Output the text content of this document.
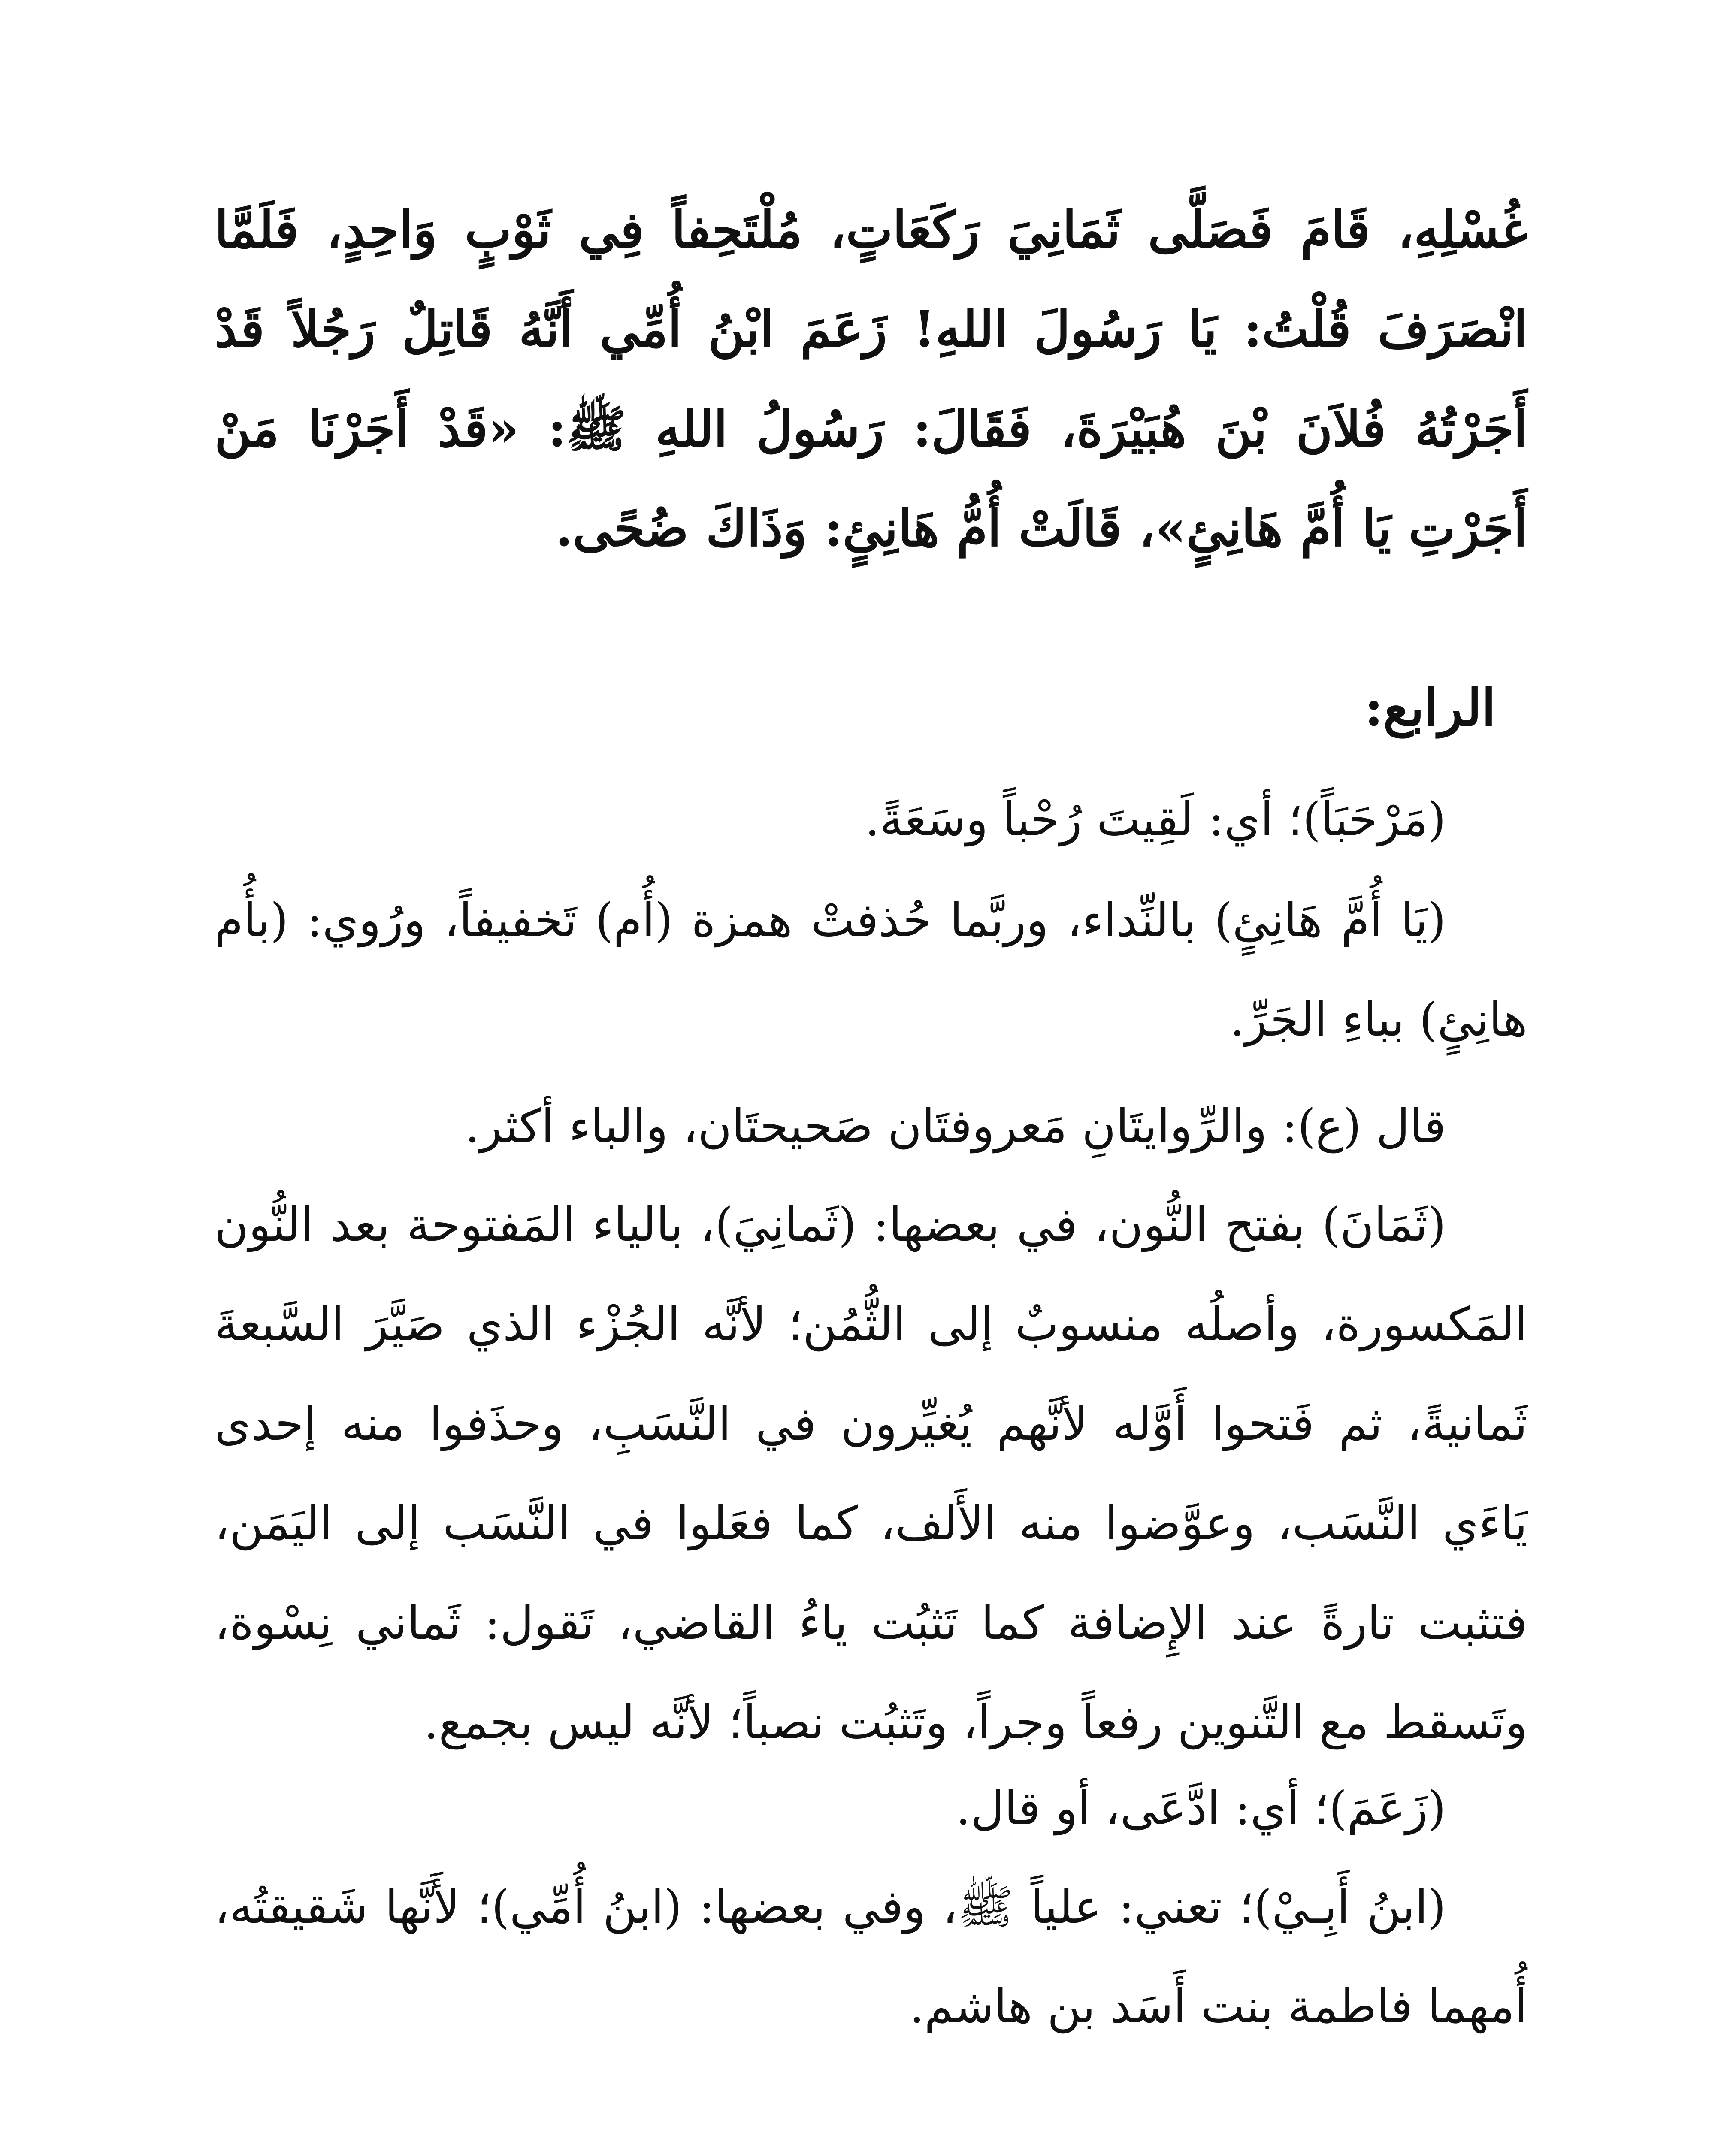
غُسْلِهِ، قَامَ فَصَلَّى ثَمَانِيَ رَكَعَاتٍ، مُلْتَحِفاً فِي ثَوْبٍ وَاحِدٍ، فَلَمَّا انْصَرَفَ قُلْتُ: يَا رَسُولَ اللهِ! زَعَمَ ابْنُ أُمِّي أَنَّهُ قَاتِلٌ رَجُلاً قَدْ أَجَرْتُهُ فُلاَنَ بْنَ هُبَيْرَةَ، فَقَالَ: رَسُولُ اللهِ ﷺ: «قَدْ أَجَرْنَا مَنْ أَجَرْتِ يَا أُمَّ هَانِئٍ»، قَالَتْ أُمُّ هَانِئٍ: وَذَاكَ ضُحًى.
الرابع:
(مَرْحَبَاً)؛ أي: لَقِيتَ رُحْباً وسَعَةً.
(يَا أُمَّ هَانِئٍ) بالنِّداء، وربَّما حُذفتْ همزة (أُم) تَخفيفاً، ورُوي: (بأُم هانِئٍ) بباءِ الجَرِّ.
قال (ع): والرِّوايتَانِ مَعروفتَان صَحيحتَان، والباء أكثر.
(ثَمَانَ) بفتح النُّون، في بعضها: (ثَمانِيَ)، بالياء المَفتوحة بعد النُّون المَكسورة، وأصلُه منسوبٌ إلى الثُّمُن؛ لأنَّه الجُزْء الذي صَيَّرَ السَّبعةَ ثَمانيةً، ثم فَتحوا أَوَّله لأنَّهم يُغيِّرون في النَّسَبِ، وحذَفوا منه إحدى يَاءَي النَّسَب، وعوَّضوا منه الأَلف، كما فعَلوا في النَّسَب إلى اليَمَن، فتثبت تارةً عند الإِضافة كما تَثبُت ياءُ القاضي، تَقول: ثَماني نِسْوة، وتَسقط مع التَّنوين رفعاً وجراً، وتَثبُت نصباً؛ لأنَّه ليس بجمع.
(زَعَمَ)؛ أي: ادَّعَى، أو قال.
(ابنُ أَبِـيْ)؛ تعني: علياً ﷺ، وفي بعضها: (ابنُ أُمِّي)؛ لأَنَّها شَقيقتُه، أُمهما فاطمة بنت أَسَد بن هاشم.
